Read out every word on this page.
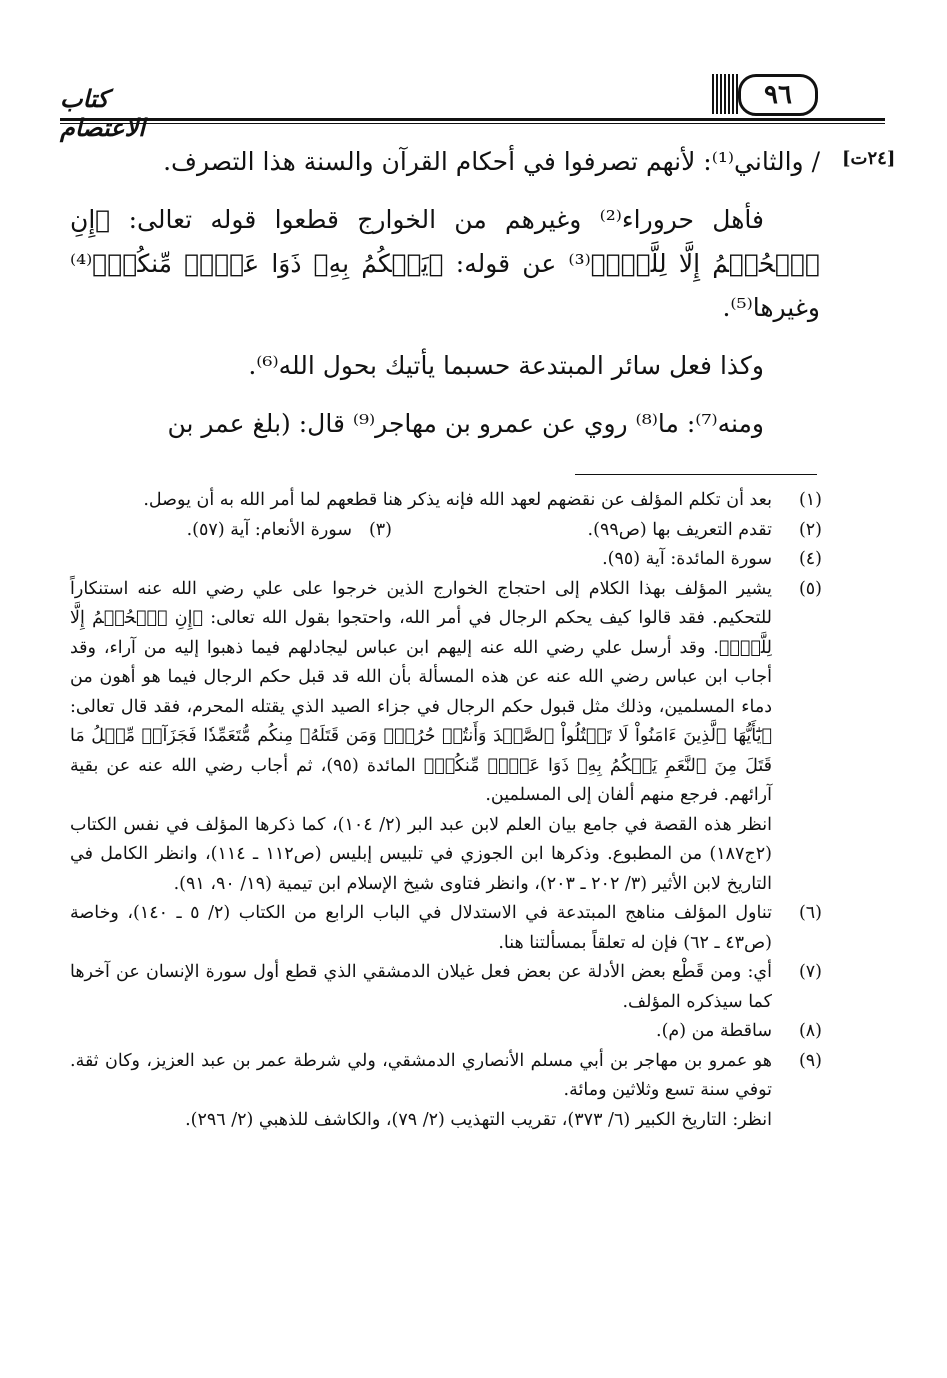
كتاب الاعتصام
٩٦
[٢٤ت]

/ والثاني⁽¹⁾: لأنهم تصرفوا في أحكام القرآن والسنة هذا التصرف.

فأهل حروراء⁽²⁾ وغيرهم من الخوارج قطعوا قوله تعالى: ﴿إِنِ ٱلۡحُكۡمُ إِلَّا لِلَّهِۖ﴾⁽³⁾ عن قوله: ﴿يَحۡكُمُ بِهِۦ ذَوَا عَدۡلٖ مِّنكُمۡ﴾⁽⁴⁾ وغيرها⁽⁵⁾.

وكذا فعل سائر المبتدعة حسبما يأتيك بحول الله⁽⁶⁾.

ومنه⁽⁷⁾: ما⁽⁸⁾ روي عن عمرو بن مهاجر⁽⁹⁾ قال: (بلغ عمر بن

(١)
بعد أن تكلم المؤلف عن نقضهم لعهد الله فإنه يذكر هنا قطعهم لما أمر الله به أن يوصل.
(٢)
تقدم التعريف بها (ص٩٩).
(٣)
سورة الأنعام: آية (٥٧).
(٤)
سورة المائدة: آية (٩٥).
(٥)
يشير المؤلف بهذا الكلام إلى احتجاج الخوارج الذين خرجوا على علي رضي الله عنه استنكاراً للتحكيم. فقد قالوا كيف يحكم الرجال في أمر الله، واحتجوا بقول الله تعالى: ﴿إِنِ ٱلۡحُكۡمُ إِلَّا لِلَّهِۖ﴾. وقد أرسل علي رضي الله عنه إليهم ابن عباس ليجادلهم فيما ذهبوا إليه من آراء، وقد أجاب ابن عباس رضي الله عنه عن هذه المسألة بأن الله قد قبل حكم الرجال فيما هو أهون من دماء المسلمين، وذلك مثل قبول حكم الرجال في جزاء الصيد الذي يقتله المحرم، فقد قال تعالى: ﴿يَٰٓأَيُّهَا ٱلَّذِينَ ءَامَنُواْ لَا تَقۡتُلُواْ ٱلصَّيۡدَ وَأَنتُمۡ حُرُمٞۚ وَمَن قَتَلَهُۥ مِنكُم مُّتَعَمِّدٗا فَجَزَآءٞ مِّثۡلُ مَا قَتَلَ مِنَ ٱلنَّعَمِ يَحۡكُمُ بِهِۦ ذَوَا عَدۡلٖ مِّنكُمۡ﴾ المائدة (٩٥)، ثم أجاب رضي الله عنه عن بقية آرائهم. فرجع منهم ألفان إلى المسلمين.
انظر هذه القصة في جامع بيان العلم لابن عبد البر (٢/ ١٠٤)، كما ذكرها المؤلف في نفس الكتاب (٢ج١٨٧) من المطبوع. وذكرها ابن الجوزي في تلبيس إبليس (ص١١٢ ـ ١١٤)، وانظر الكامل في التاريخ لابن الأثير (٣/ ٢٠٢ ـ ٢٠٣)، وانظر فتاوى شيخ الإسلام ابن تيمية (١٩/ ٩٠، ٩١).
(٦)
تناول المؤلف مناهج المبتدعة في الاستدلال في الباب الرابع من الكتاب (٢/ ٥ ـ ١٤٠)، وخاصة (ص٤٣ ـ ٦٢) فإن له تعلقاً بمسألتنا هنا.
(٧)
أي: ومن قَطْع بعض الأدلة عن بعض فعل غيلان الدمشقي الذي قطع أول سورة الإنسان عن آخرها كما سيذكره المؤلف.
(٨)
ساقطة من (م).
(٩)
هو عمرو بن مهاجر بن أبي مسلم الأنصاري الدمشقي، ولي شرطة عمر بن عبد العزيز، وكان ثقة. توفي سنة تسع وثلاثين ومائة.
انظر: التاريخ الكبير (٦/ ٣٧٣)، تقريب التهذيب (٢/ ٧٩)، والكاشف للذهبي (٢/ ٢٩٦).
